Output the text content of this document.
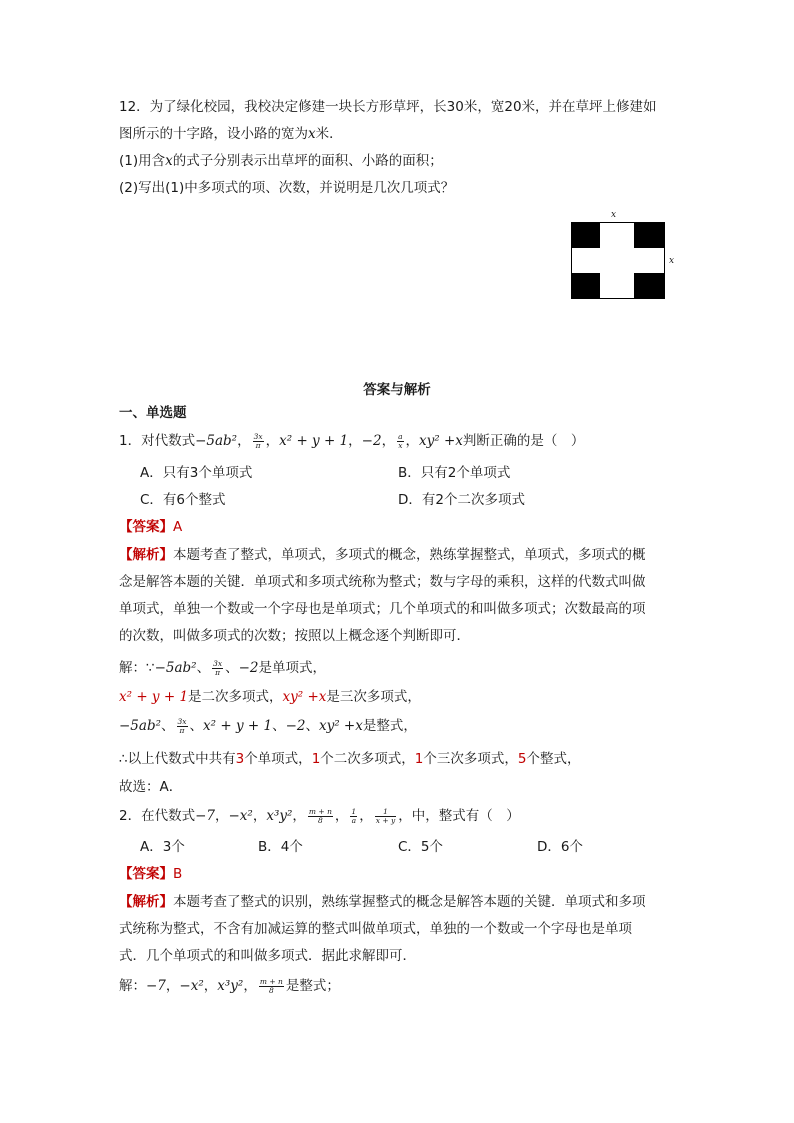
12．为了绿化校园，我校决定修建一块长方形草坪，长30米，宽20米，并在草坪上修建如
图所示的十字路，设小路的宽为x米．
(1)用含x的式子分别表示出草坪的面积、小路的面积；
(2)写出(1)中多项式的项、次数，并说明是几次几项式？
x
x
答案与解析
一、单选题
1．对代数式−5ab²， $\frac{3x}{\pi}$ ，x² + y + 1，−2， $\frac{a}{x}$ ，xy² +x判断正确的是（　）
A．只有3个单项式	B．只有2个单项式
C．有6个整式	D．有2个二次多项式
【答案】A
【解析】本题考查了整式，单项式，多项式的概念，熟练掌握整式，单项式，多项式的概
念是解答本题的关键．单项式和多项式统称为整式；数与字母的乘积，这样的代数式叫做
单项式，单独一个数或一个字母也是单项式；几个单项式的和叫做多项式；次数最高的项
的次数，叫做多项式的次数；按照以上概念逐个判断即可．
解：∵−5ab²、 $\frac{3x}{\pi}$ 、−2是单项式，
x² + y + 1是二次多项式，xy² +x是三次多项式，
−5ab²、 $\frac{3x}{\pi}$ 、x² + y + 1、−2、xy² +x是整式，
∴以上代数式中共有3个单项式，1个二次多项式，1个三次多项式，5个整式，
故选：A．
2．在代数式−7，−x²，x³y²， $\frac{m + n}{8}$ ， $\frac{1}{a}$ ， $\frac{1}{x + y}$ ，中，整式有（　）
A．3个	B．4个	C．5个	D．6个
【答案】B
【解析】本题考查了整式的识别，熟练掌握整式的概念是解答本题的关键．单项式和多项
式统称为整式，不含有加减运算的整式叫做单项式，单独的一个数或一个字母也是单项
式．几个单项式的和叫做多项式．据此求解即可．
解：−7，−x²，x³y²， $\frac{m + n}{8}$ 是整式；
